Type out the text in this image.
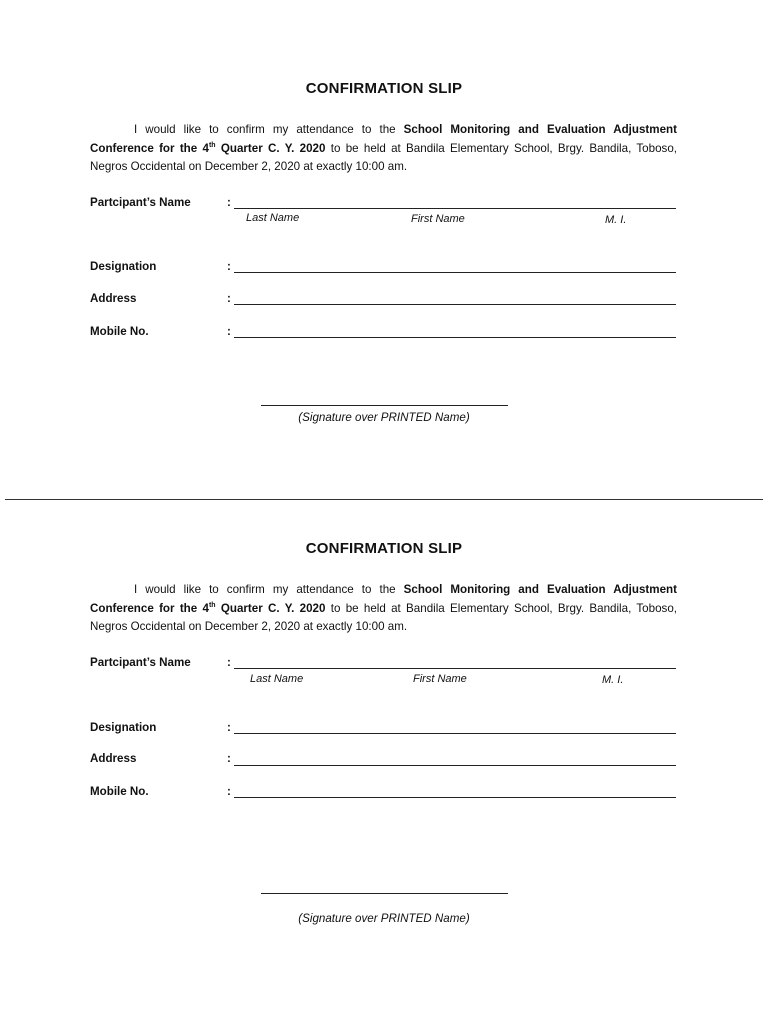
CONFIRMATION SLIP

I would like to confirm my attendance to the School Monitoring and Evaluation Adjustment Conference for the 4th Quarter C. Y. 2020 to be held at Bandila Elementary School, Brgy. Bandila, Toboso, Negros Occidental on December 2, 2020 at exactly 10:00 am.

Partcipant’s Name	:
Last Name	First Name	M. I.
Designation	:
Address	:
Mobile No.	:
(Signature over PRINTED Name)
CONFIRMATION SLIP

I would like to confirm my attendance to the School Monitoring and Evaluation Adjustment Conference for the 4th Quarter C. Y. 2020 to be held at Bandila Elementary School, Brgy. Bandila, Toboso, Negros Occidental on December 2, 2020 at exactly 10:00 am.

Partcipant’s Name	:
Last Name	First Name	M. I.
Designation	:
Address	:
Mobile No.	:
(Signature over PRINTED Name)
